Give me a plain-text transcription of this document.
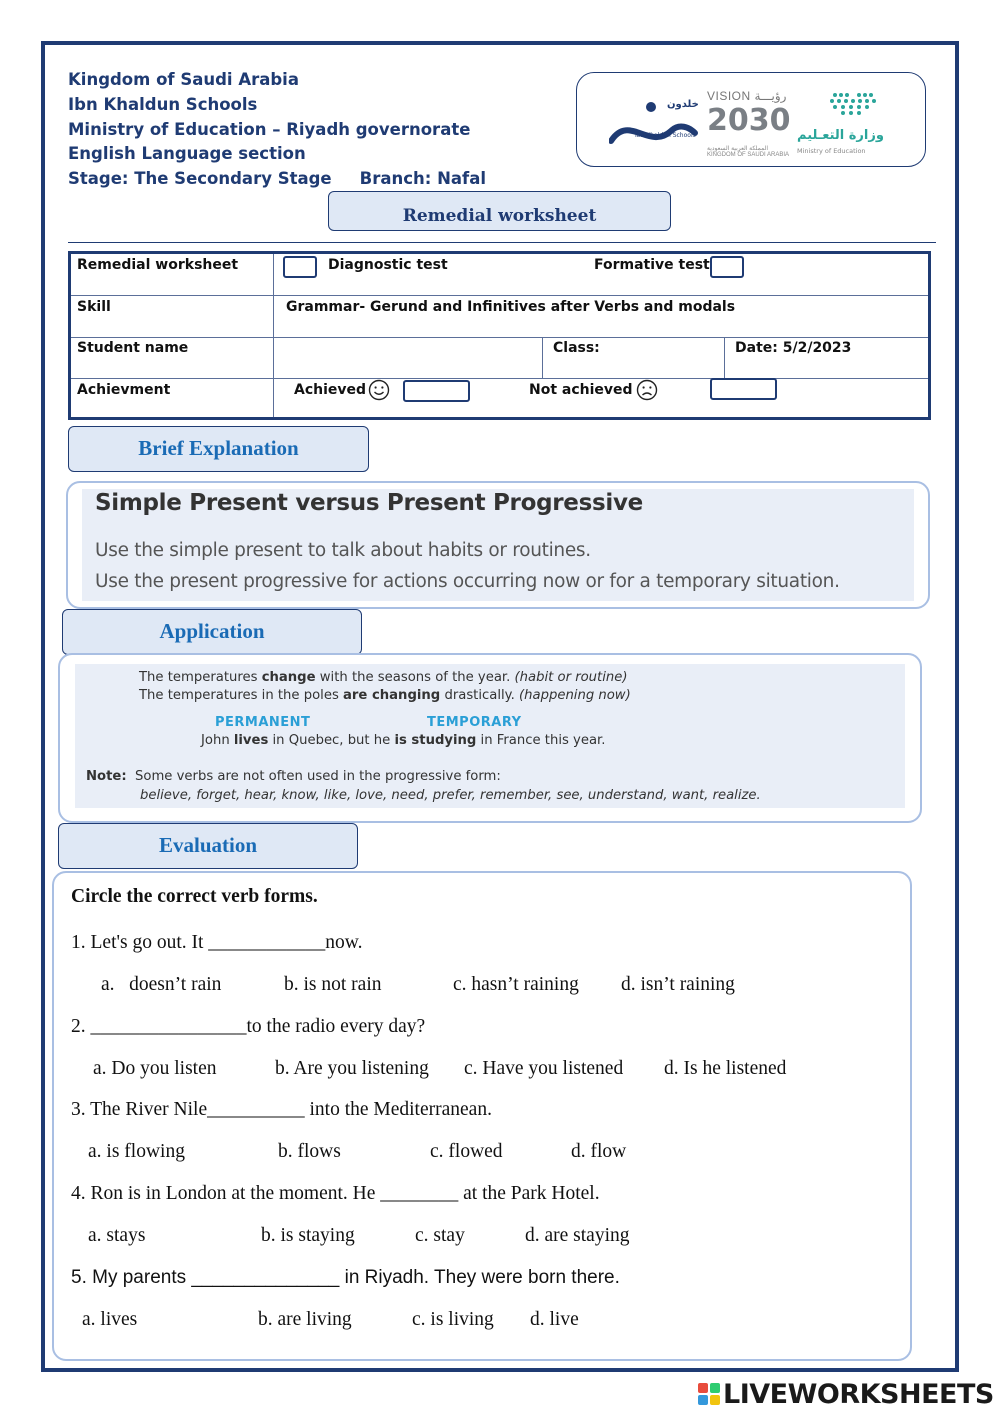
Kingdom of Saudi Arabia
Ibn Khaldun Schools
Ministry of Education – Riyadh governorate
English Language section
Stage: The Secondary Stage Branch: Nafal
خلدون
Ibn Khaldun Schools
VISION رؤيـــة
2030
المملكة العربية السعودية KINGDOM OF SAUDI ARABIA
وزارة التعـليم
Ministry of Education
Remedial worksheet
Remedial worksheet	Diagnostic test	Formative test
Skill	Grammar- Gerund and Infinitives after Verbs and modals
Student name	Class:	Date: 5/2/2023
Achievment	Achieved	Not achieved
Brief Explanation
Simple Present versus Present Progressive
Use the simple present to talk about habits or routines.
Use the present progressive for actions occurring now or for a temporary situation.
Application
The temperatures change with the seasons of the year. (habit or routine)
The temperatures in the poles are changing drastically. (happening now)
PERMANENT	TEMPORARY
John lives in Quebec, but he is studying in France this year.
Note: Some verbs are not often used in the progressive form:
believe, forget, hear, know, like, love, need, prefer, remember, see, understand, want, realize.
Evaluation
Circle the correct verb forms.
1. Let's go out. It ____________now.
a.   doesn’t rain	b. is not rain	c. hasn’t raining d. isn’t raining
2. ________________to the radio every day?
a. Do you listen	b. Are you listening c. Have you listened d. Is he listened
3. The River Nile__________ into the Mediterranean.
a. is flowing	b. flows	c. flowed	d. flow
4. Ron is in London at the moment. He ________ at the Park Hotel.
a. stays	b. is staying	c. stay	d. are staying
5. My parents ______________ in Riyadh. They were born there.
a. lives	b. are living	c. is living d. live
LIVEWORKSHEETS
